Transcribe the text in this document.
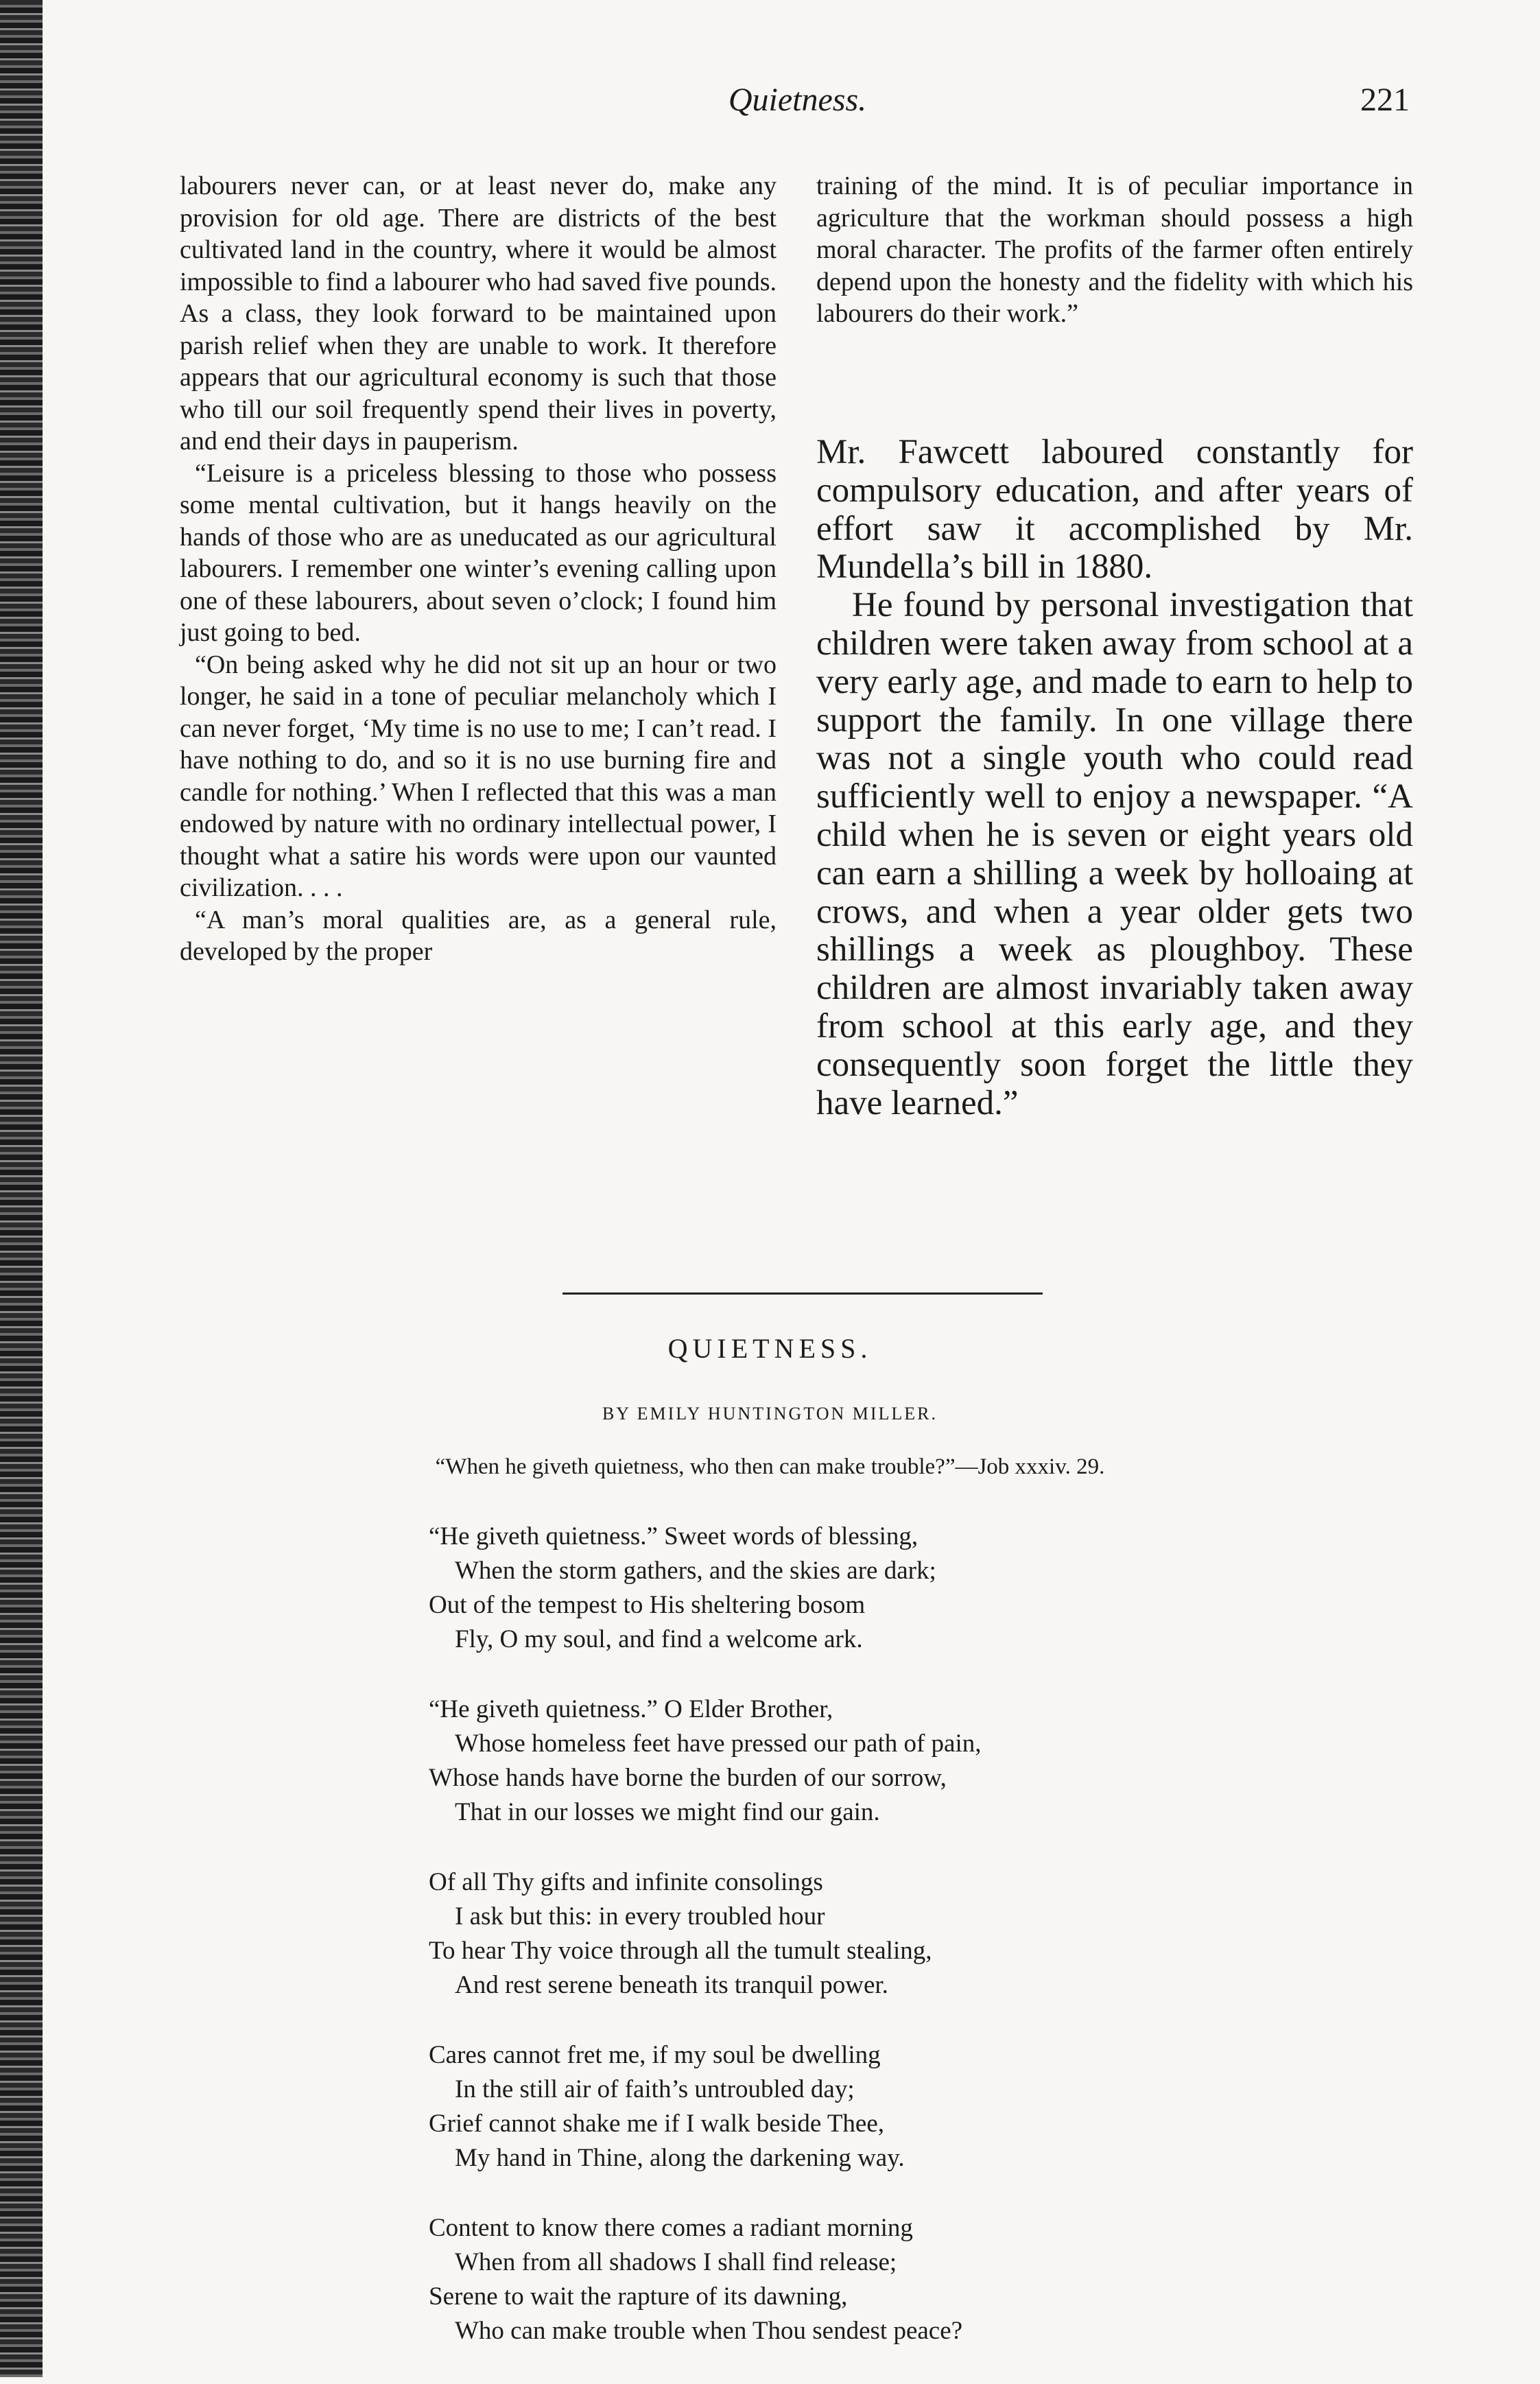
Quietness.	221

labourers never can, or at least never do, make any provision for old age. There are districts of the best cultivated land in the country, where it would be almost impossible to find a labourer who had saved five pounds. As a class, they look forward to be maintained upon parish relief when they are unable to work. It therefore appears that our agricultural economy is such that those who till our soil frequently spend their lives in poverty, and end their days in pauperism.

“Leisure is a priceless blessing to those who possess some mental cultivation, but it hangs heavily on the hands of those who are as uneducated as our agricultural labourers. I remember one winter’s evening calling upon one of these labourers, about seven o’clock; I found him just going to bed.

“On being asked why he did not sit up an hour or two longer, he said in a tone of peculiar melancholy which I can never forget, ‘My time is no use to me; I can’t read. I have nothing to do, and so it is no use burning fire and candle for nothing.’ When I reflected that this was a man endowed by nature with no ordinary intellectual power, I thought what a satire his words were upon our vaunted civilization. . . .

“A man’s moral qualities are, as a general rule, developed by the proper

training of the mind. It is of peculiar importance in agriculture that the workman should possess a high moral character. The profits of the farmer often entirely depend upon the honesty and the fidelity with which his labourers do their work.”

Mr. Fawcett laboured constantly for compulsory education, and after years of effort saw it accomplished by Mr. Mundella’s bill in 1880.

He found by personal investigation that children were taken away from school at a very early age, and made to earn to help to support the family. In one village there was not a single youth who could read sufficiently well to enjoy a newspaper. “A child when he is seven or eight years old can earn a shilling a week by holloaing at crows, and when a year older gets two shillings a week as ploughboy. These children are almost invariably taken away from school at this early age, and they consequently soon forget the little they have learned.”

QUIETNESS.
BY EMILY HUNTINGTON MILLER.
“When he giveth quietness, who then can make trouble?”—Job xxxiv. 29.
“He giveth quietness.” Sweet words of blessing,
When the storm gathers, and the skies are dark;
Out of the tempest to His sheltering bosom
Fly, O my soul, and find a welcome ark.
“He giveth quietness.” O Elder Brother,
Whose homeless feet have pressed our path of pain,
Whose hands have borne the burden of our sorrow,
That in our losses we might find our gain.
Of all Thy gifts and infinite consolings
I ask but this: in every troubled hour
To hear Thy voice through all the tumult stealing,
And rest serene beneath its tranquil power.
Cares cannot fret me, if my soul be dwelling
In the still air of faith’s untroubled day;
Grief cannot shake me if I walk beside Thee,
My hand in Thine, along the darkening way.
Content to know there comes a radiant morning
When from all shadows I shall find release;
Serene to wait the rapture of its dawning,
Who can make trouble when Thou sendest peace?
